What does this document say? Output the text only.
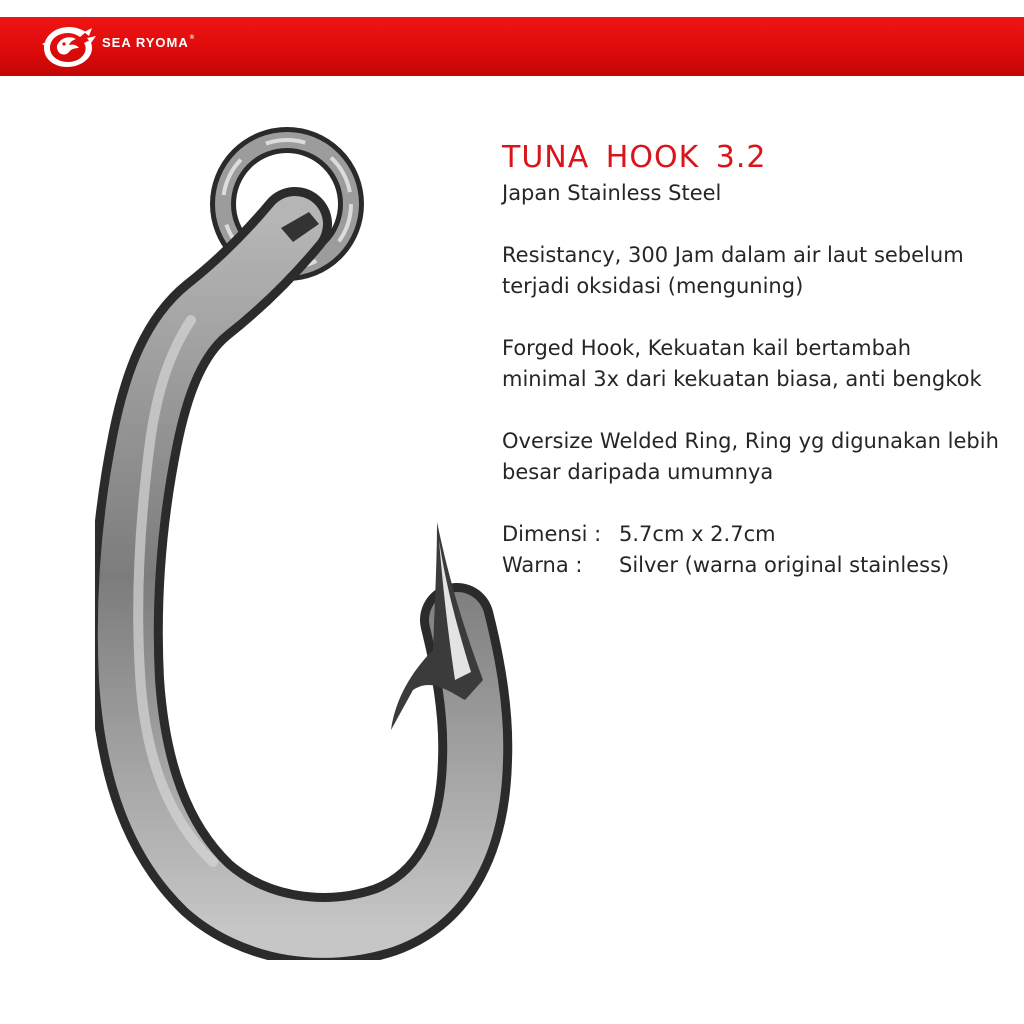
SEA RYOMA®
TUNA HOOK 3.2
Japan Stainless Steel
Resistancy, 300 Jam dalam air laut sebelum terjadi oksidasi (menguning)
Forged Hook, Kekuatan kail bertambah minimal 3x dari kekuatan biasa, anti bengkok
Oversize Welded Ring, Ring yg digunakan lebih besar daripada umumnya
Dimensi : 5.7cm x 2.7cm
Warna :	Silver (warna original stainless)
